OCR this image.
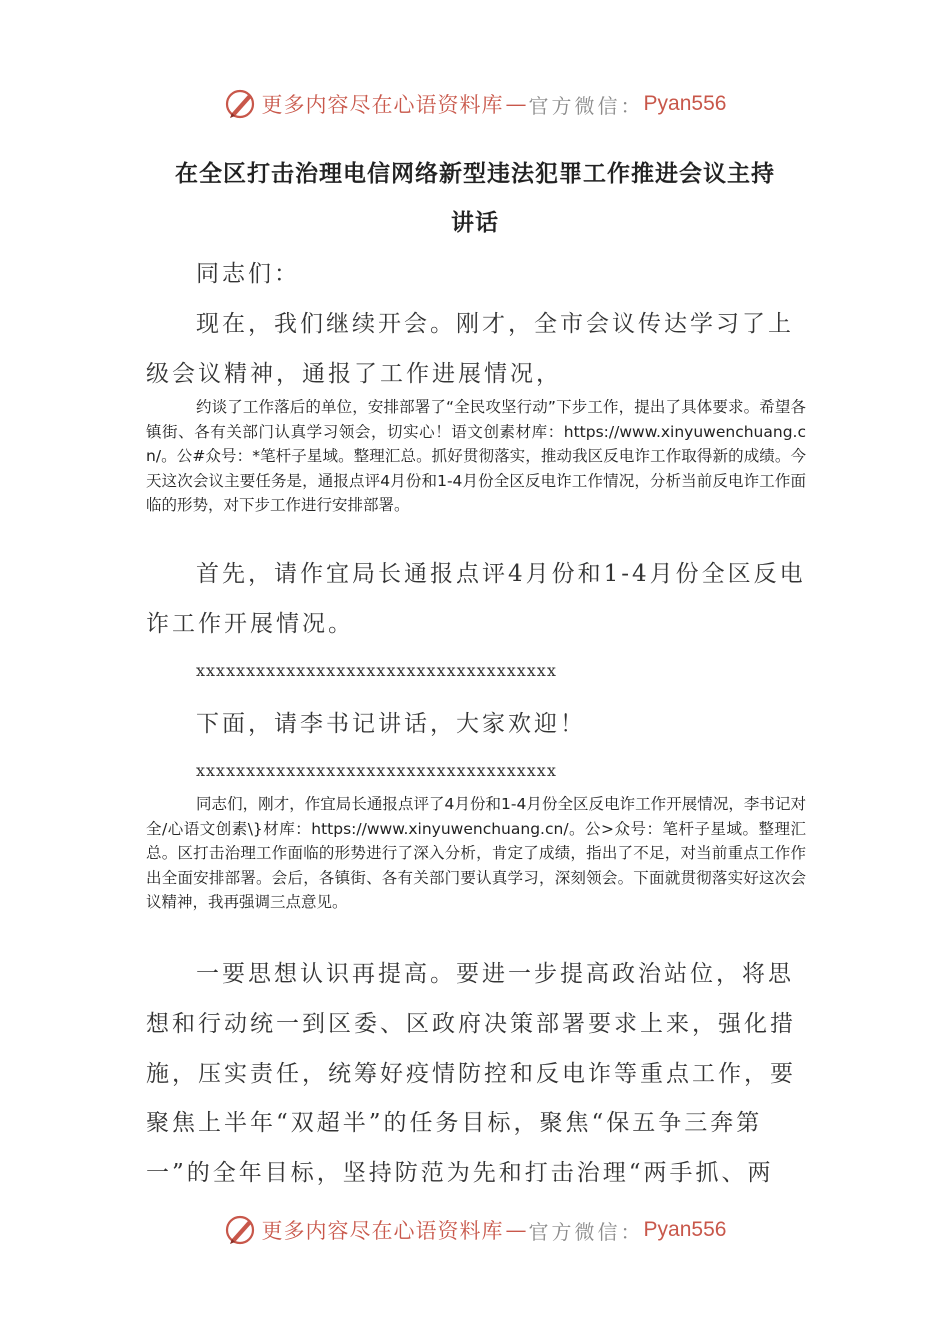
更多内容尽在心语资料库 — 官方微信： Pyan556
在全区打击治理电信网络新型违法犯罪工作推进会议主持
讲话
同志们：
现在，我们继续开会。刚才，全市会议传达学习了上
级会议精神，通报了工作进展情况，
约谈了工作落后的单位，安排部署了“全民攻坚行动”下步工作，提出了具体要求。希望各镇街、各有关部门认真学习领会，切实心！语文创素材库：https://www.xinyuwenchuang.cn/。公#众号：*笔杆子星域。整理汇总。抓好贯彻落实，推动我区反电诈工作取得新的成绩。今天这次会议主要任务是，通报点评4月份和1-4月份全区反电诈工作情况，分析当前反电诈工作面临的形势，对下步工作进行安排部署。
首先，请作宜局长通报点评4月份和1-4月份全区反电
诈工作开展情况。
xxxxxxxxxxxxxxxxxxxxxxxxxxxxxxxxxxxx
下面，请李书记讲话，大家欢迎！
xxxxxxxxxxxxxxxxxxxxxxxxxxxxxxxxxxxx
同志们，刚才，作宜局长通报点评了4月份和1-4月份全区反电诈工作开展情况，李书记对全/心语文创素\}材库：https://www.xinyuwenchuang.cn/。公>众号：笔杆子星域。整理汇总。区打击治理工作面临的形势进行了深入分析，肯定了成绩，指出了不足，对当前重点工作作出全面安排部署。会后，各镇街、各有关部门要认真学习，深刻领会。下面就贯彻落实好这次会议精神，我再强调三点意见。
一要思想认识再提高。要进一步提高政治站位，将思
想和行动统一到区委、区政府决策部署要求上来，强化措
施，压实责任，统筹好疫情防控和反电诈等重点工作，要
聚焦上半年“双超半”的任务目标，聚焦“保五争三奔第
一”的全年目标，坚持防范为先和打击治理“两手抓、两
更多内容尽在心语资料库 — 官方微信： Pyan556
